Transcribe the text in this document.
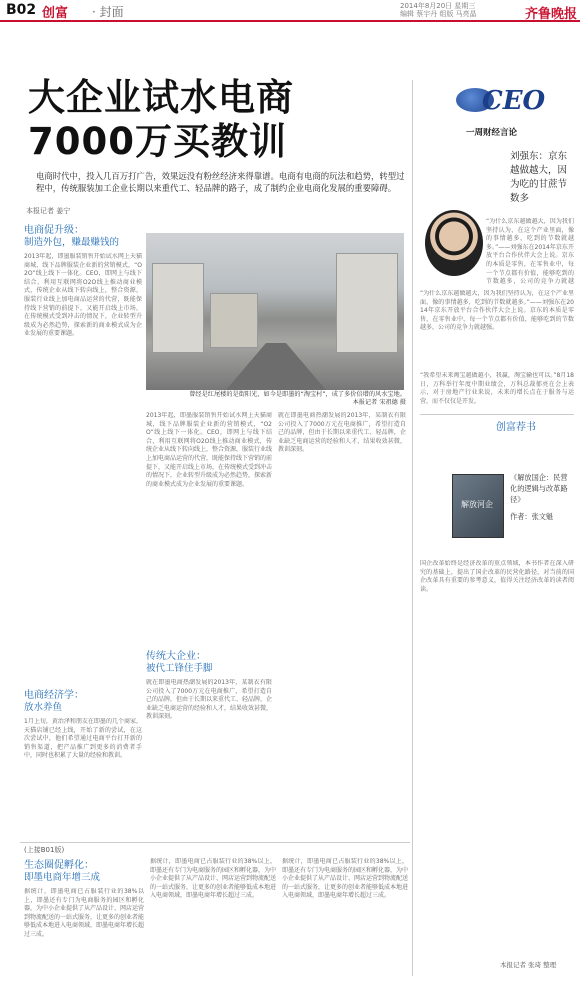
B02 创富 · 封面	2014年8月20日 星期三
编辑 蔡宇丹 组版 马亮晶	齐鲁晚报
大企业试水电商
7000万买教训
电商时代中，投入几百万打广告，效果远没有粉丝经济来得靠谱。电商有电商的玩法和趋势，转型过程中，传统服装加工企业长期以来重代工、轻品牌的路子，成了制约企业电商化发展的重要障碍。
本报记者 姜宁
电商促升级：
制造外包，赚最赚钱的
2013年起，即墨服装销售开始试水网上天猫商城，线下品牌服装企业新的营销模式，“O2O”线上线下一体化。CEO，即网上与线下结合，利用互联网将O2O线上推动商业模式，传统企业从线下转向线上，整合资源，服装行业线上加电商品运营的代营，既能保持线下营销的前提下，又能开启线上市场，在传统模式受到冲击的情况下，企业转型升级成为必然趋势，探索新的商业模式成为企业发展的重要课题。
电商经济学：
放水养鱼
1月上旬，黄治泽和朋友在即墨的几个商家，天猫店铺已经上线，开始了新的尝试，在这次尝试中，他们希望通过电商平台打开新的销售渠道，把产品推广到更多的消费者手中，同时也积累了大量的经验和教训。
曾经是红尾楼的是街阳光，如今是即墨的“淘宝村”，成了多价倍增的风水宝地。
本报记者 宋祖德 摄
2013年起，即墨服装销售开始试水网上天猫商城，线下品牌服装企业新的营销模式，“O2O”线上线下一体化。CEO，即网上与线下结合，利用互联网将O2O线上推动商业模式，传统企业从线下转向线上，整合资源，服装行业线上加电商品运营的代营，既能保持线下营销的前提下，又能开启线上市场，在传统模式受到冲击的情况下，企业转型升级成为必然趋势，探索新的商业模式成为企业发展的重要课题。
传统大企业：
被代工锋住手脚
就在即墨电商热潮发展的2013年，某制衣有限公司投入了7000万元在电商推广，希望打造自己的品牌，但由于长期以来重代工、轻品牌，企业缺乏电商运营的经验和人才，结果收效甚微，教训深刻。
就在即墨电商热潮发展的2013年，某制衣有限公司投入了7000万元在电商推广，希望打造自己的品牌，但由于长期以来重代工、轻品牌，企业缺乏电商运营的经验和人才，结果收效甚微，教训深刻。
(上接B01版)
生态圈促孵化：
即墨电商年增三成
据统计，即墨电商已占服装行业的38%以上，即墨还有专门为电商服务的园区和孵化器，为中小企业提供了从产品设计、网店运营到物流配送的一站式服务，让更多的创业者能够低成本地进入电商领域，即墨电商年增长超过三成。
据统计，即墨电商已占服装行业的38%以上，即墨还有专门为电商服务的园区和孵化器，为中小企业提供了从产品设计、网店运营到物流配送的一站式服务，让更多的创业者能够低成本地进入电商领域，即墨电商年增长超过三成。
据统计，即墨电商已占服装行业的38%以上，即墨还有专门为电商服务的园区和孵化器，为中小企业提供了从产品设计、网店运营到物流配送的一站式服务，让更多的创业者能够低成本地进入电商领域，即墨电商年增长超过三成。
CEO
一周财经言论
刘强东：京东越做越大，因为吃的甘蔗节数多
“为什么京东越做越大，因为我们坚持认为，在这个产业里面，像的事情越多，吃到的节数就越多。”——刘强东在2014年京东开放平台合作伙伴大会上说。京东的本质是零售，在零售业中，每一个节点都有价值，能够吃到的节数越多，公司的竞争力就越
“为什么京东越做越大，因为我们坚持认为，在这个产业里面，像的事情越多，吃到的节数就越多。”——刘强东在2014年京东开放平台合作伙伴大会上说。京东的本质是零售，在零售业中，每一个节点都有价值，能够吃到的节数越多，公司的竞争力就越强。
“我希望未来淘宝越做越小，我赢，淘宝输也可以。”8月18日，万科举行年度中期业绩会，万科总裁郁亮在会上表示，对于房地产行业来说，未来的增长点在于服务与运营，而不仅仅是开发。
创富荐书
解放河企
《解放国企：民营化的逻辑与改革路径》
作者：张文魁
国企改革始终是经济改革的重点领域，本书作者在深入研究的基础上，提出了国企改革的民营化路径，对当前的国企改革具有重要的参考意义，值得关注经济改革的读者阅读。
本报记者 张琦 整理
